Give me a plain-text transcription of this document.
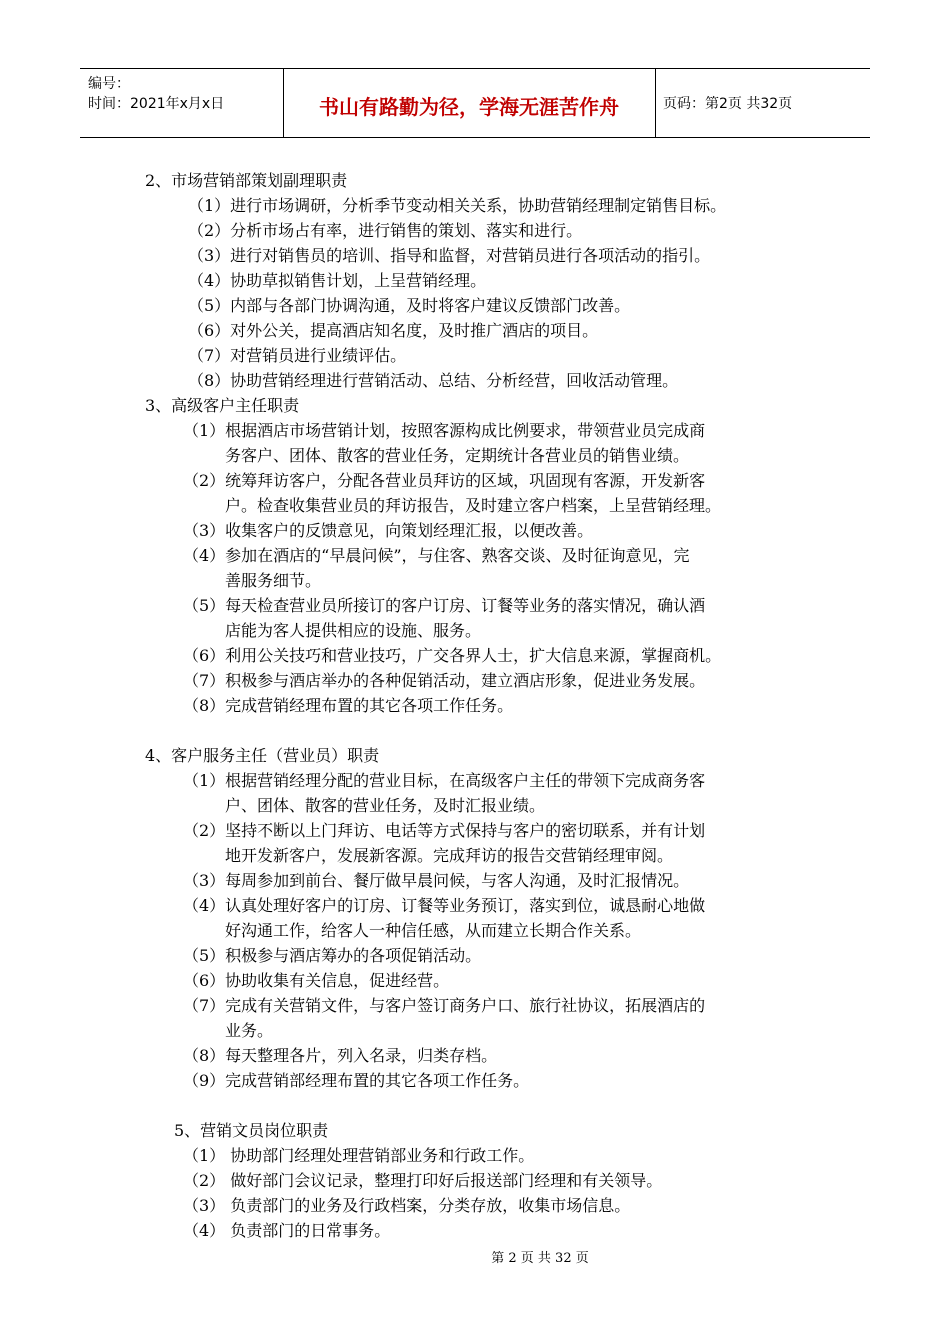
编号：
时间：2021年x月x日	书山有路勤为径，学海无涯苦作舟	页码：第2页 共32页
2、市场营销部策划副理职责
（1）进行市场调研，分析季节变动相关关系，协助营销经理制定销售目标。
（2）分析市场占有率，进行销售的策划、落实和进行。
（3）进行对销售员的培训、指导和监督，对营销员进行各项活动的指引。
（4）协助草拟销售计划，上呈营销经理。
（5）内部与各部门协调沟通，及时将客户建议反馈部门改善。
（6）对外公关，提高酒店知名度，及时推广酒店的项目。
（7）对营销员进行业绩评估。
（8）协助营销经理进行营销活动、总结、分析经营，回收活动管理。
3、高级客户主任职责
（1）根据酒店市场营销计划，按照客源构成比例要求，带领营业员完成商
务客户、团体、散客的营业任务，定期统计各营业员的销售业绩。
（2）统筹拜访客户，分配各营业员拜访的区域，巩固现有客源，开发新客
户。检查收集营业员的拜访报告，及时建立客户档案，上呈营销经理。
（3）收集客户的反馈意见，向策划经理汇报，以便改善。
（4）参加在酒店的“早晨问候”，与住客、熟客交谈、及时征询意见，完
善服务细节。
（5）每天检查营业员所接订的客户订房、订餐等业务的落实情况，确认酒
店能为客人提供相应的设施、服务。
（6）利用公关技巧和营业技巧，广交各界人士，扩大信息来源，掌握商机。
（7）积极参与酒店举办的各种促销活动，建立酒店形象，促进业务发展。
（8）完成营销经理布置的其它各项工作任务。
4、客户服务主任（营业员）职责
（1）根据营销经理分配的营业目标，在高级客户主任的带领下完成商务客
户、团体、散客的营业任务，及时汇报业绩。
（2）坚持不断以上门拜访、电话等方式保持与客户的密切联系，并有计划
地开发新客户，发展新客源。完成拜访的报告交营销经理审阅。
（3）每周参加到前台、餐厅做早晨问候，与客人沟通，及时汇报情况。
（4）认真处理好客户的订房、订餐等业务预订，落实到位，诚恳耐心地做
好沟通工作，给客人一种信任感，从而建立长期合作关系。
（5）积极参与酒店筹办的各项促销活动。
（6）协助收集有关信息，促进经营。
（7）完成有关营销文件，与客户签订商务户口、旅行社协议，拓展酒店的
业务。
（8）每天整理各片，列入名录，归类存档。
（9）完成营销部经理布置的其它各项工作任务。
5、营销文员岗位职责
（1） 协助部门经理处理营销部业务和行政工作。
（2） 做好部门会议记录，整理打印好后报送部门经理和有关领导。
（3） 负责部门的业务及行政档案，分类存放，收集市场信息。
（4） 负责部门的日常事务。
第 2 页 共 32 页
